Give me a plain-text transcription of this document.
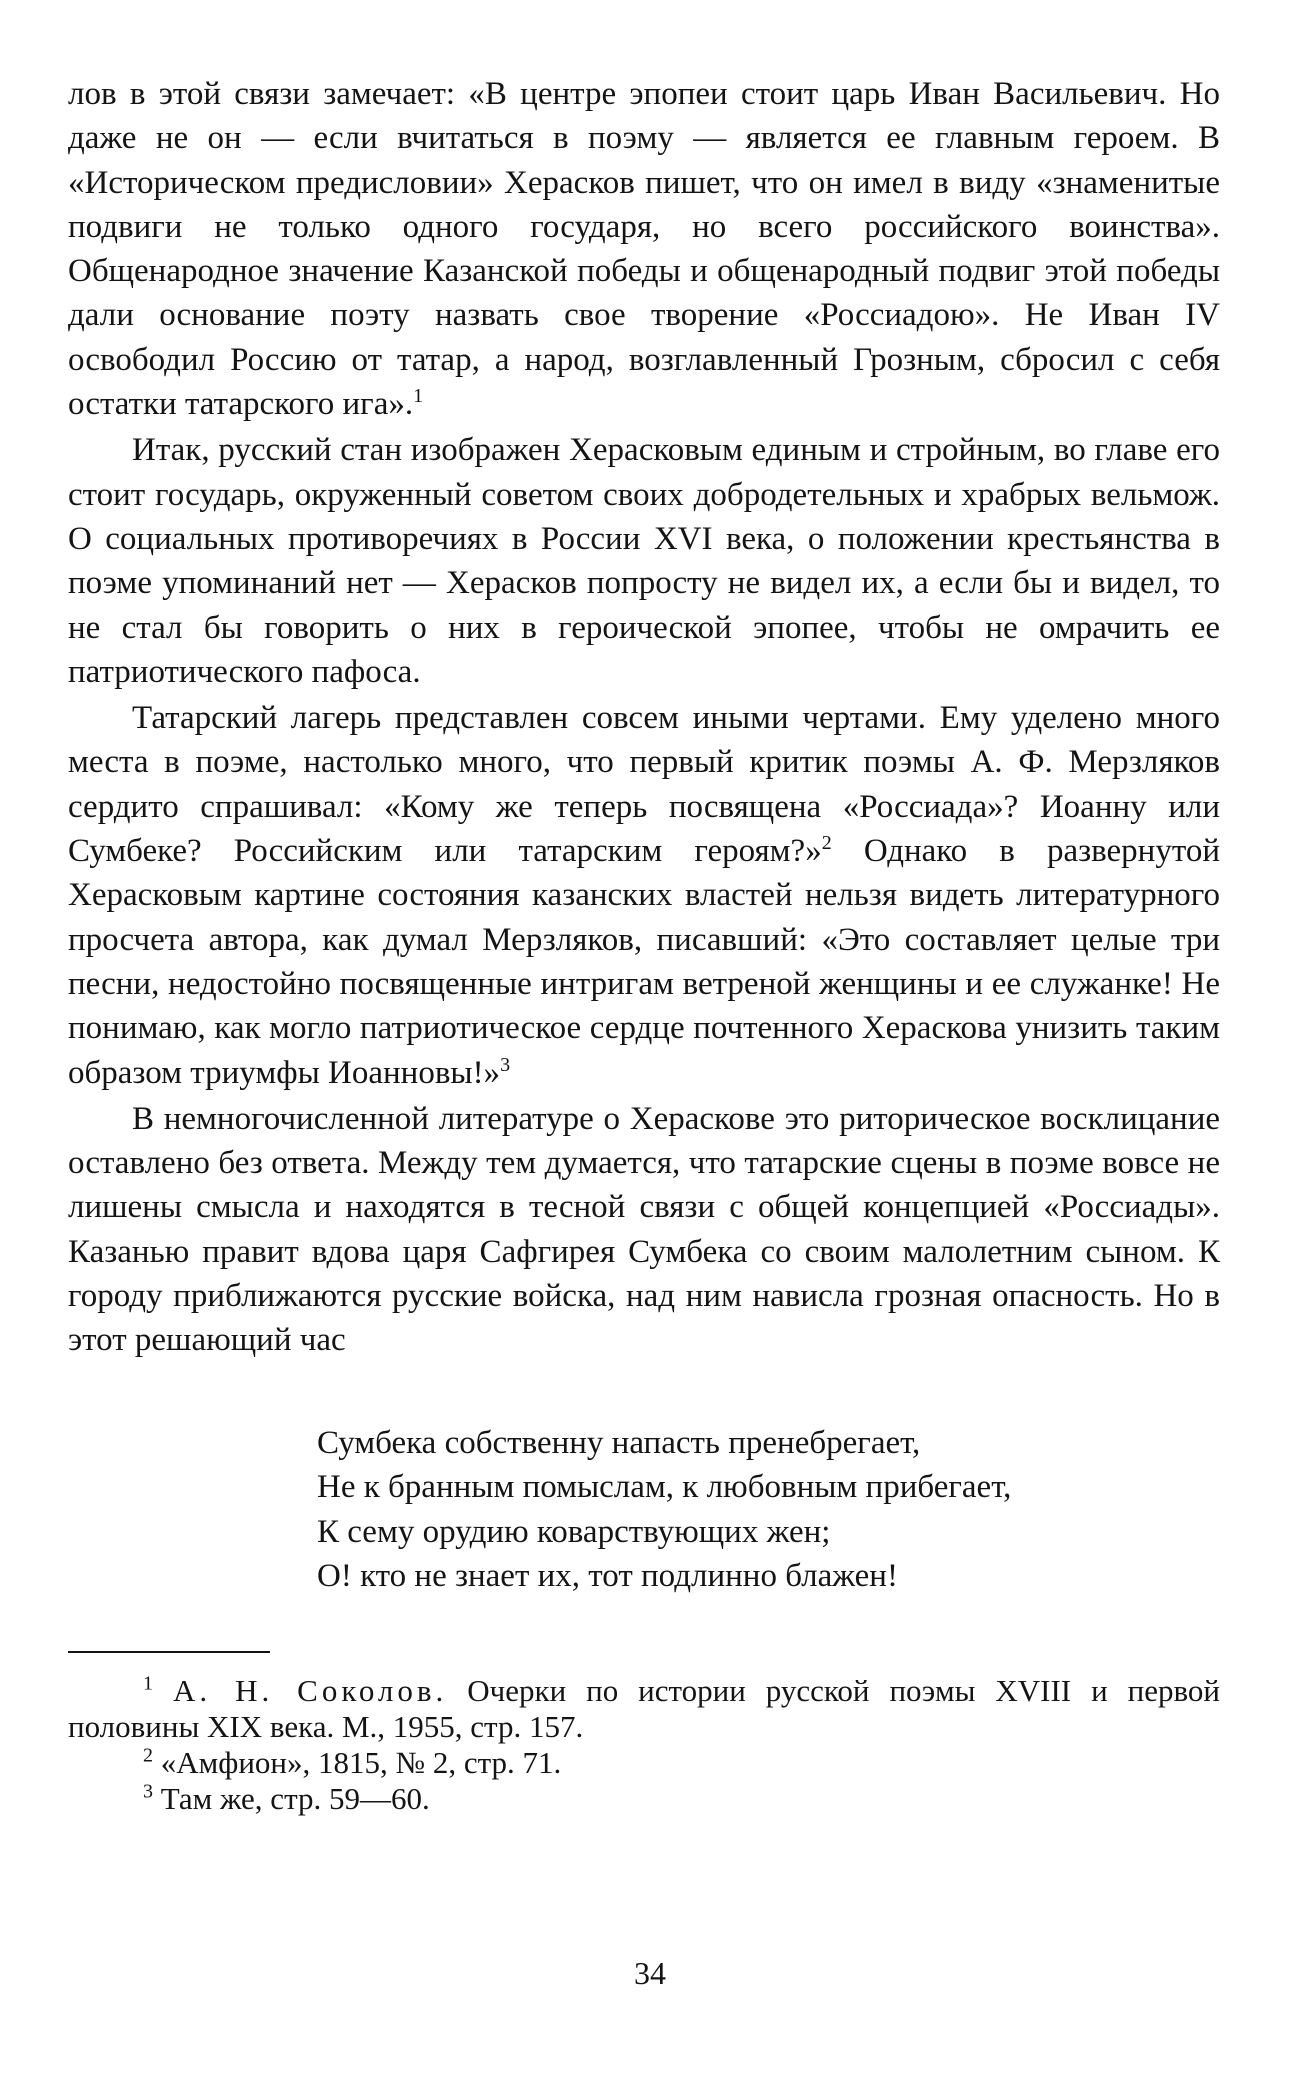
лов в этой связи замечает: «В центре эпопеи стоит царь Иван Васильевич. Но даже не он — если вчитаться в поэму — является ее главным героем. В «Историческом предисловии» Херасков пишет, что он имел в виду «знаменитые подвиги не только одного государя, но всего российского воинства». Общенародное значение Казанской победы и общенародный подвиг этой победы дали основание поэту назвать свое творение «Россиадою». Не Иван IV освободил Россию от татар, а народ, возглавленный Грозным, сбросил с себя остатки татарского ига».$^1$

Итак, русский стан изображен Херасковым единым и стройным, во главе его стоит государь, окруженный советом своих добродетельных и храбрых вельмож. О социальных противоречиях в России XVI века, о положении крестьянства в поэме упоминаний нет — Херасков попросту не видел их, а если бы и видел, то не стал бы говорить о них в героической эпопее, чтобы не омрачить ее патриотического пафоса.

Татарский лагерь представлен совсем иными чертами. Ему уделено много места в поэме, настолько много, что первый критик поэмы А. Ф. Мерзляков сердито спрашивал: «Кому же теперь посвящена «Россиада»? Иоанну или Сумбеке? Российским или татарским героям?»$^2$ Однако в развернутой Херасковым картине состояния казанских властей нельзя видеть литературного просчета автора, как думал Мерзляков, писавший: «Это составляет целые три песни, недостойно посвященные интригам ветреной женщины и ее служанке! Не понимаю, как могло патриотическое сердце почтенного Хераскова унизить таким образом триумфы Иоанновы!»$^3$

В немногочисленной литературе о Хераскове это риторическое восклицание оставлено без ответа. Между тем думается, что татарские сцены в поэме вовсе не лишены смысла и находятся в тесной связи с общей концепцией «Россиады». Казанью правит вдова царя Сафгирея Сумбека со своим малолетним сыном. К городу приближаются русские войска, над ним нависла грозная опасность. Но в этот решающий час

Сумбека собственну напасть пренебрегает,
Не к бранным помыслам, к любовным прибегает,
К сему орудию коварствующих жен;
О! кто не знает их, тот подлинно блажен!
$^1$ А. Н. Соколов. Очерки по истории русской поэмы XVIII и первой половины XIX века. М., 1955, стр. 157.
$^2$ «Амфион», 1815, № 2, стр. 71.
$^3$ Там же, стр. 59—60.
34
